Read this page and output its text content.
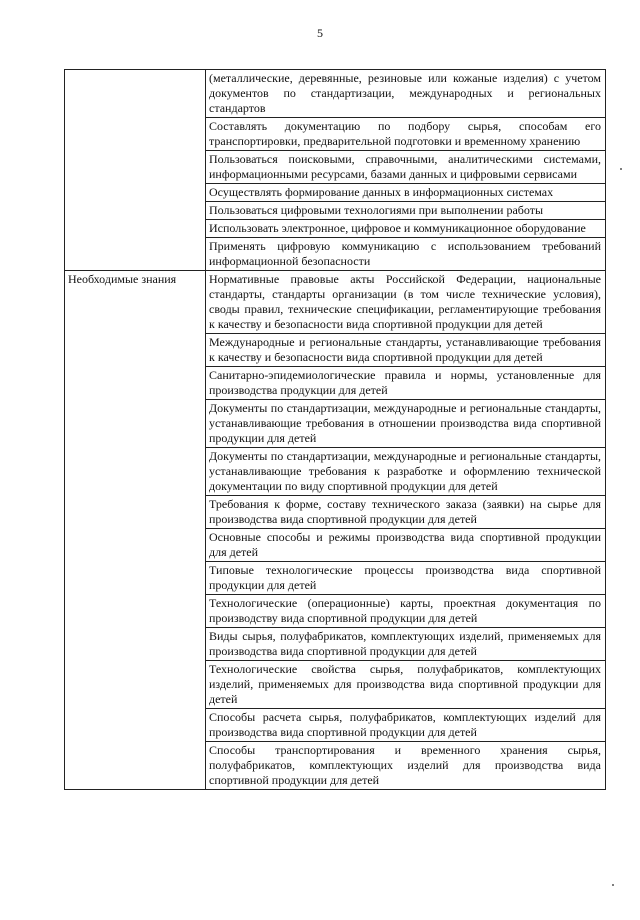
5
	(металлические, деревянные, резиновые или кожаные изделия) с учетом документов по стандартизации, международных и региональных стандартов
	Составлять документацию по подбору сырья, способам его транспортировки, предварительной подготовки и временному хранению
	Пользоваться поисковыми, справочными, аналитическими системами, информационными ресурсами, базами данных и цифровыми сервисами
	Осуществлять формирование данных в информационных системах
	Пользоваться цифровыми технологиями при выполнении работы
	Использовать электронное, цифровое и коммуникационное оборудование
	Применять цифровую коммуникацию с использованием требований информационной безопасности
Необходимые знания	Нормативные правовые акты Российской Федерации, национальные стандарты, стандарты организации (в том числе технические условия), своды правил, технические спецификации, регламентирующие требования к качеству и безопасности вида спортивной продукции для детей
	Международные и региональные стандарты, устанавливающие требования к качеству и безопасности вида спортивной продукции для детей
	Санитарно-эпидемиологические правила и нормы, установленные для производства продукции для детей
	Документы по стандартизации, международные и региональные стандарты, устанавливающие требования в отношении производства вида спортивной продукции для детей
	Документы по стандартизации, международные и региональные стандарты, устанавливающие требования к разработке и оформлению технической документации по виду спортивной продукции для детей
	Требования к форме, составу технического заказа (заявки) на сырье для производства вида спортивной продукции для детей
	Основные способы и режимы производства вида спортивной продукции для детей
	Типовые технологические процессы производства вида спортивной продукции для детей
	Технологические (операционные) карты, проектная документация по производству вида спортивной продукции для детей
	Виды сырья, полуфабрикатов, комплектующих изделий, применяемых для производства вида спортивной продукции для детей
	Технологические свойства сырья, полуфабрикатов, комплектующих изделий, применяемых для производства вида спортивной продукции для детей
	Способы расчета сырья, полуфабрикатов, комплектующих изделий для производства вида спортивной продукции для детей
	Способы транспортирования и временного хранения сырья, полуфабрикатов, комплектующих изделий для производства вида спортивной продукции для детей
